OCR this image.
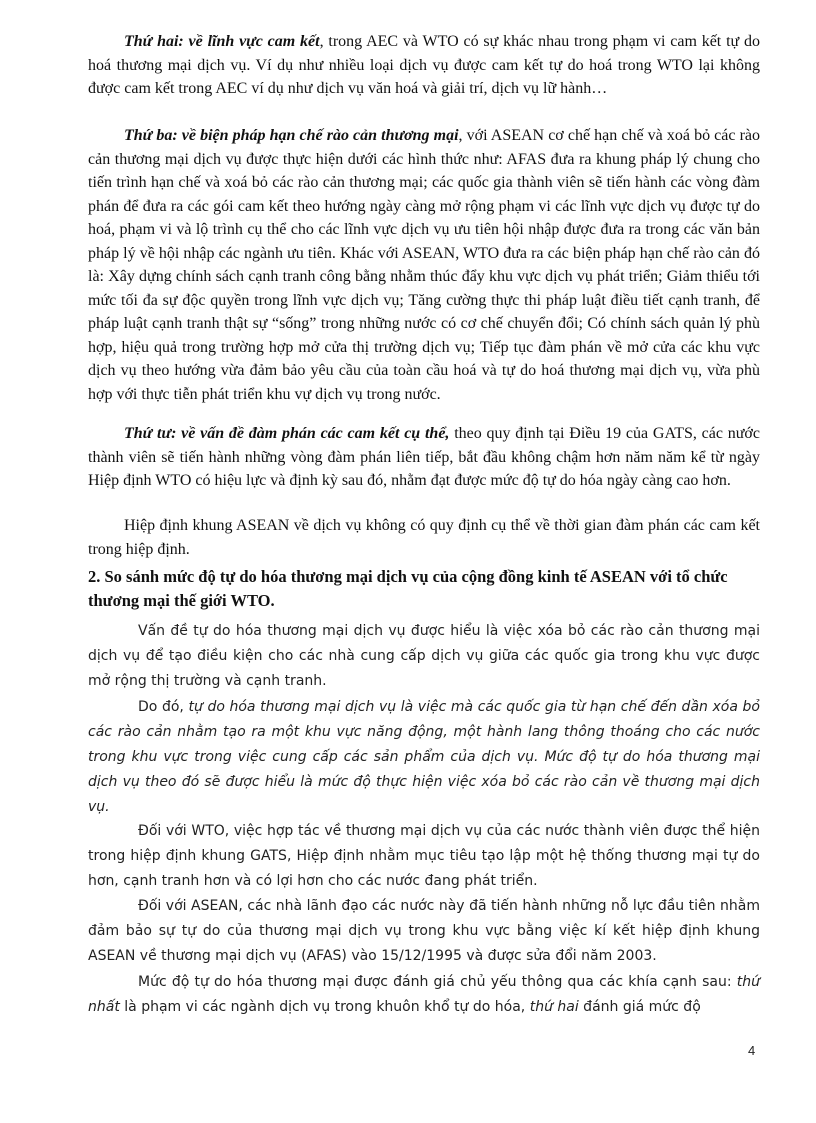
Thứ hai: về lĩnh vực cam kết, trong AEC và WTO có sự khác nhau trong phạm vi cam kết tự do hoá thương mại dịch vụ. Ví dụ như nhiều loại dịch vụ được cam kết tự do hoá trong WTO lại không được cam kết trong AEC ví dụ như dịch vụ văn hoá và giải trí, dịch vụ lữ hành…

Thứ ba: về biện pháp hạn chế rào cản thương mại, với ASEAN cơ chế hạn chế và xoá bỏ các rào cản thương mại dịch vụ được thực hiện dưới các hình thức như: AFAS đưa ra khung pháp lý chung cho tiến trình hạn chế và xoá bỏ các rào cản thương mại; các quốc gia thành viên sẽ tiến hành các vòng đàm phán để đưa ra các gói cam kết theo hướng ngày càng mở rộng phạm vi các lĩnh vực dịch vụ được tự do hoá, phạm vi và lộ trình cụ thể cho các lĩnh vực dịch vụ ưu tiên hội nhập được đưa ra trong các văn bản pháp lý về hội nhập các ngành ưu tiên. Khác với ASEAN, WTO đưa ra các biện pháp hạn chế rào cản đó là: Xây dựng chính sách cạnh tranh công bằng nhằm thúc đẩy khu vực dịch vụ phát triển; Giảm thiểu tới mức tối đa sự độc quyền trong lĩnh vực dịch vụ; Tăng cường thực thi pháp luật điều tiết cạnh tranh, để pháp luật cạnh tranh thật sự “sống” trong những nước có cơ chế chuyển đổi; Có chính sách quản lý phù hợp, hiệu quả trong trường hợp mở cửa thị trường dịch vụ; Tiếp tục đàm phán về mở cửa các khu vực dịch vụ theo hướng vừa đảm bảo yêu cầu của toàn cầu hoá và tự do hoá thương mại dịch vụ, vừa phù hợp với thực tiễn phát triển khu vự dịch vụ trong nước.

Thứ tư: về vấn đề đàm phán các cam kết cụ thể, theo quy định tại Điều 19 của GATS, các nước thành viên sẽ tiến hành những vòng đàm phán liên tiếp, bắt đầu không chậm hơn năm năm kể từ ngày Hiệp định WTO có hiệu lực và định kỳ sau đó, nhằm đạt được mức độ tự do hóa ngày càng cao hơn.

Hiệp định khung ASEAN về dịch vụ không có quy định cụ thể về thời gian đàm phán các cam kết trong hiệp định.

2. So sánh mức độ tự do hóa thương mại dịch vụ của cộng đồng kinh tế ASEAN với tổ chức thương mại thế giới WTO.

Vấn đề tự do hóa thương mại dịch vụ được hiểu là việc xóa bỏ các rào cản thương mại dịch vụ để tạo điều kiện cho các nhà cung cấp dịch vụ giữa các quốc gia trong khu vực được mở rộng thị trường và cạnh tranh.

Do đó, tự do hóa thương mại dịch vụ là việc mà các quốc gia từ hạn chế đến dần xóa bỏ các rào cản nhằm tạo ra một khu vực năng động, một hành lang thông thoáng cho các nước trong khu vực trong việc cung cấp các sản phẩm của dịch vụ. Mức độ tự do hóa thương mại dịch vụ theo đó sẽ được hiểu là mức độ thực hiện việc xóa bỏ các rào cản về thương mại dịch vụ.

Đối với WTO, việc hợp tác về thương mại dịch vụ của các nước thành viên được thể hiện trong hiệp định khung GATS, Hiệp định nhằm mục tiêu tạo lập một hệ thống thương mại tự do hơn, cạnh tranh hơn và có lợi hơn cho các nước đang phát triển.

Đối với ASEAN, các nhà lãnh đạo các nước này đã tiến hành những nỗ lực đầu tiên nhằm đảm bảo sự tự do của thương mại dịch vụ trong khu vực bằng việc kí kết hiệp định khung ASEAN về thương mại dịch vụ (AFAS) vào 15/12/1995 và được sửa đổi năm 2003.

Mức độ tự do hóa thương mại được đánh giá chủ yếu thông qua các khía cạnh sau: thứ nhất là phạm vi các ngành dịch vụ trong khuôn khổ tự do hóa, thứ hai đánh giá mức độ

4
